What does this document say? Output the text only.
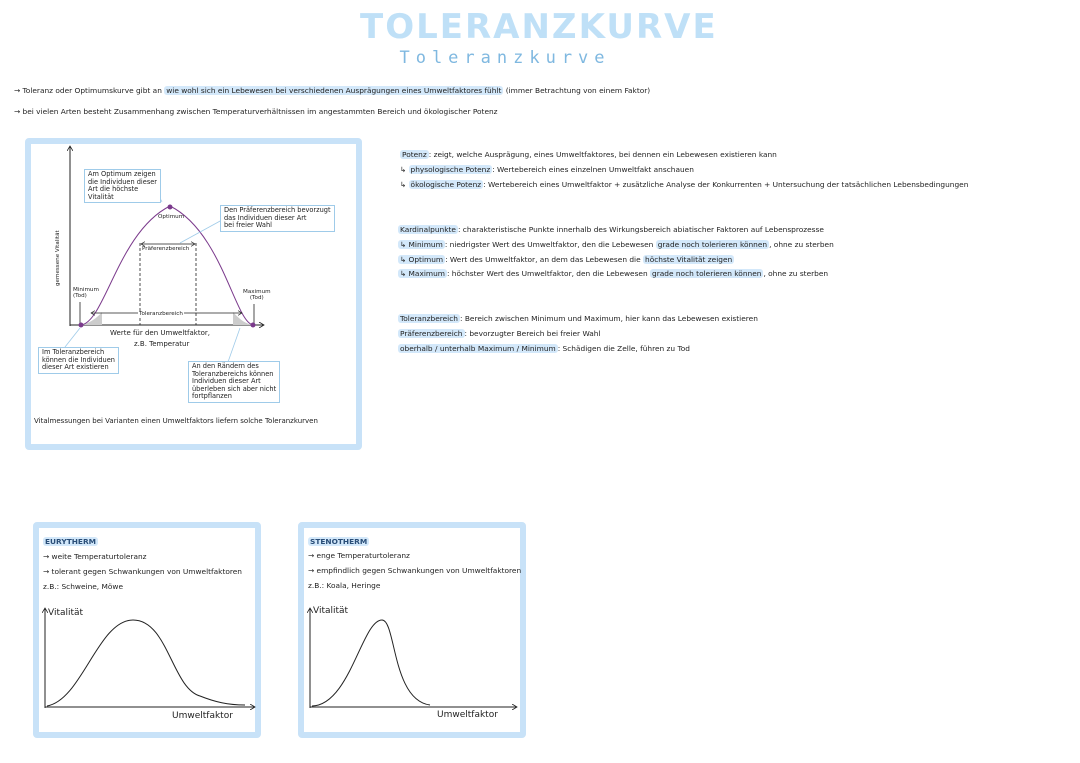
TOLERANZKURVE
Toleranzkurve
→ Toleranz oder Optimumskurve gibt an wie wohl sich ein Lebewesen bei verschiedenen Ausprägungen eines Umweltfaktores fühlt (immer Betrachtung von einem Faktor)
→ bei vielen Arten besteht Zusammenhang zwischen Temperaturverhältnissen im angestammten Bereich und ökologischer Potenz
gemessene Vitalität
Minimum
(Tod)
Maximum
(Tod)
Optimum
Präferenzbereich
Toleranzbereich
Werte für den Umweltfaktor,
z.B. Temperatur
Am Optimum zeigen
die Individuen dieser
Art die höchste
Vitalität
Den Präferenzbereich bevorzugt
das Individuen dieser Art
bei freier Wahl
Im Toleranzbereich
können die Individuen
dieser Art existieren	An den Rändern des
Toleranzbereichs können
Individuen dieser Art
überleben sich aber nicht
fortpflanzen
Vitalmessungen bei Varianten einen Umweltfaktors liefern solche Toleranzkurven
Potenz : zeigt, welche Ausprägung, eines Umweltfaktores, bei dennen ein Lebewesen existieren kann
↳ physologische Potenz : Wertebereich eines einzelnen Umweltfakt anschauen
↳ ökologische Potenz : Wertebereich eines Umweltfaktor + zusätzliche Analyse der Konkurrenten + Untersuchung der tatsächlichen Lebensbedingungen
Kardinalpunkte : charakteristische Punkte innerhalb des Wirkungsbereich abiatischer Faktoren auf Lebensprozesse
↳ Minimum : niedrigster Wert des Umweltfaktor, den die Lebewesen grade noch tolerieren können , ohne zu sterben
↳ Optimum : Wert des Umweltfaktor, an dem das Lebewesen die höchste Vitalität zeigen
↳ Maximum : höchster Wert des Umweltfaktor, den die Lebewesen grade noch tolerieren können , ohne zu sterben
Toleranzbereich : Bereich zwischen Minimum und Maximum, hier kann das Lebewesen existieren
Präferenzbereich : bevorzugter Bereich bei freier Wahl
oberhalb / unterhalb Maximum / Minimum : Schädigen die Zelle, führen zu Tod
EURYTHERM
→ weite Temperaturtoleranz
→ tolerant gegen Schwankungen von Umweltfaktoren
z.B.: Schweine, Möwe
Vitalität
Umweltfaktor
STENOTHERM
→ enge Temperaturtoleranz
→ empfindlich gegen Schwankungen von Umweltfaktoren
z.B.: Koala, Heringe
Vitalität
Umweltfaktor
